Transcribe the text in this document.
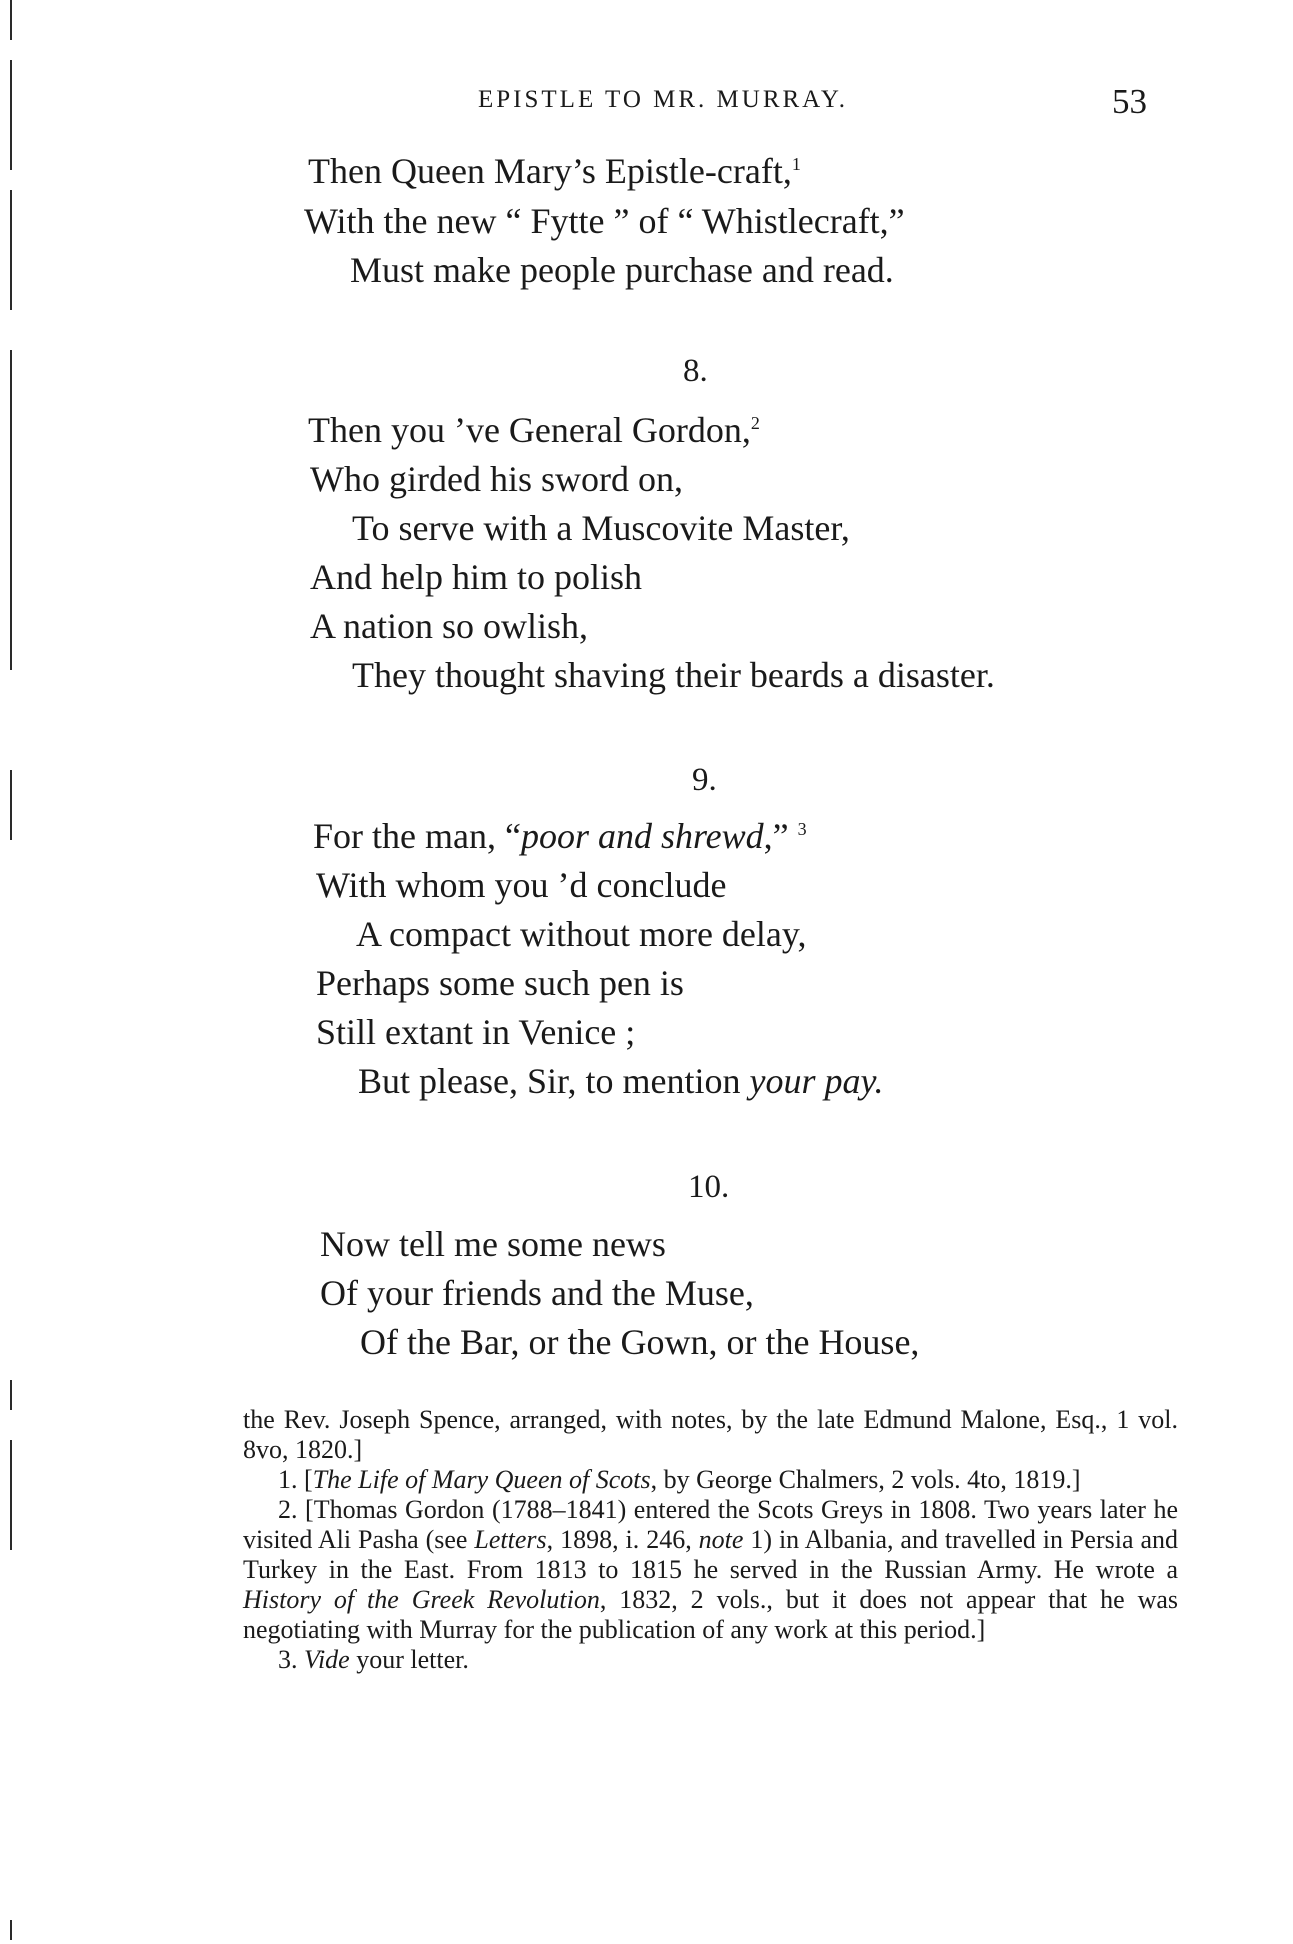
EPISTLE TO MR. MURRAY.	53
Then Queen Mary’s Epistle-craft,$^1$
With the new “ Fytte ” of “ Whistlecraft,”
Must make people purchase and read.
8.
Then you ’ve General Gordon,$^2$
Who girded his sword on,
To serve with a Muscovite Master,
And help him to polish
A nation so owlish,
They thought shaving their beards a disaster.
9.
For the man, “poor and shrewd,” $^3$
With whom you ’d conclude
A compact without more delay,
Perhaps some such pen is
Still extant in Venice ;
But please, Sir, to mention your pay.
10.
Now tell me some news
Of your friends and the Muse,
Of the Bar, or the Gown, or the House,

the Rev. Joseph Spence, arranged, with notes, by the late Edmund Malone, Esq., 1 vol. 8vo, 1820.]

1. [The Life of Mary Queen of Scots, by George Chalmers, 2 vols. 4to, 1819.]

2. [Thomas Gordon (1788–1841) entered the Scots Greys in 1808. Two years later he visited Ali Pasha (see Letters, 1898, i. 246, note 1) in Albania, and travelled in Persia and Turkey in the East. From 1813 to 1815 he served in the Russian Army. He wrote a History of the Greek Revolution, 1832, 2 vols., but it does not appear that he was negotiating with Murray for the publication of any work at this period.]

3. Vide your letter.
